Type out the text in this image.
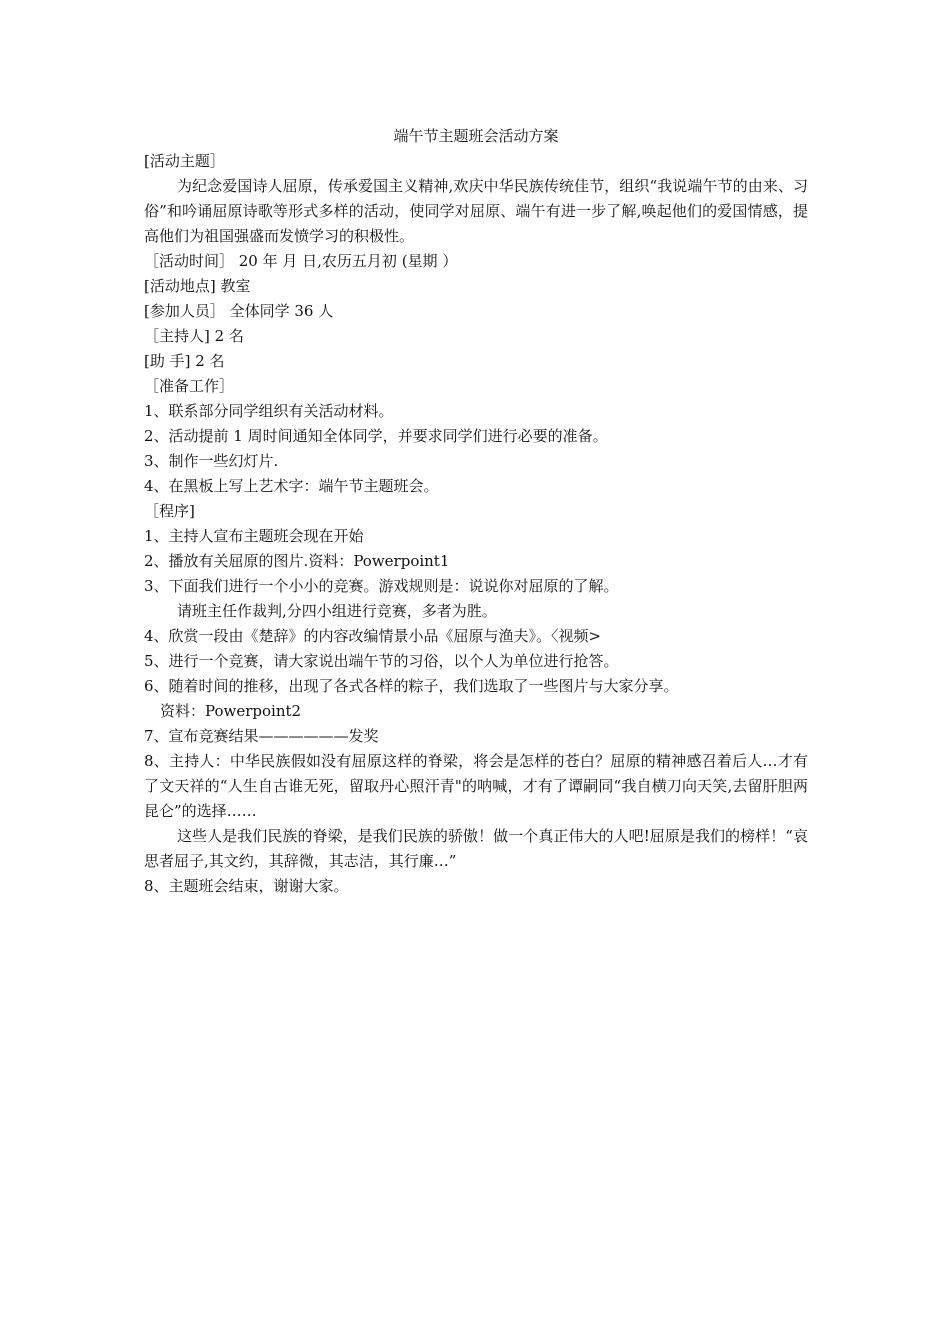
端午节主题班会活动方案

[活动主题］

为纪念爱国诗人屈原，传承爱国主义精神,欢庆中华民族传统佳节，组织“我说端午节的由来、习俗”和吟诵屈原诗歌等形式多样的活动，使同学对屈原、端午有进一步了解,唤起他们的爱国情感，提高他们为祖国强盛而发愤学习的积极性。

［活动时间］ 20 年 月 日,农历五月初 (星期 ）

[活动地点] 教室

[参加人员］ 全体同学 36 人

［主持人] 2 名

[助 手] 2 名

［准备工作］

1、联系部分同学组织有关活动材料。

2、活动提前 1 周时间通知全体同学，并要求同学们进行必要的准备。

3、制作一些幻灯片.

4、在黑板上写上艺术字：端午节主题班会。

［程序]

1、主持人宣布主题班会现在开始

2、播放有关屈原的图片.资料：Powerpoint1

3、下面我们进行一个小小的竞赛。游戏规则是：说说你对屈原的了解。

请班主任作裁判,分四小组进行竞赛，多者为胜。

4、欣赏一段由《楚辞》的内容改编情景小品《屈原与渔夫》。〈视频>

5、进行一个竞赛，请大家说出端午节的习俗，以个人为单位进行抢答。

6、随着时间的推移，出现了各式各样的粽子，我们选取了一些图片与大家分享。

资料：Powerpoint2

7、宣布竞赛结果——————发奖

8、主持人：中华民族假如没有屈原这样的脊梁，将会是怎样的苍白？屈原的精神感召着后人…才有了文天祥的“人生自古谁无死，留取丹心照汗青"的呐喊，才有了谭嗣同“我自横刀向天笑,去留肝胆两昆仑”的选择……

这些人是我们民族的脊梁，是我们民族的骄傲！做一个真正伟大的人吧!屈原是我们的榜样！“哀思者屈子,其文约，其辞微，其志洁，其行廉…”

8、主题班会结束，谢谢大家。
